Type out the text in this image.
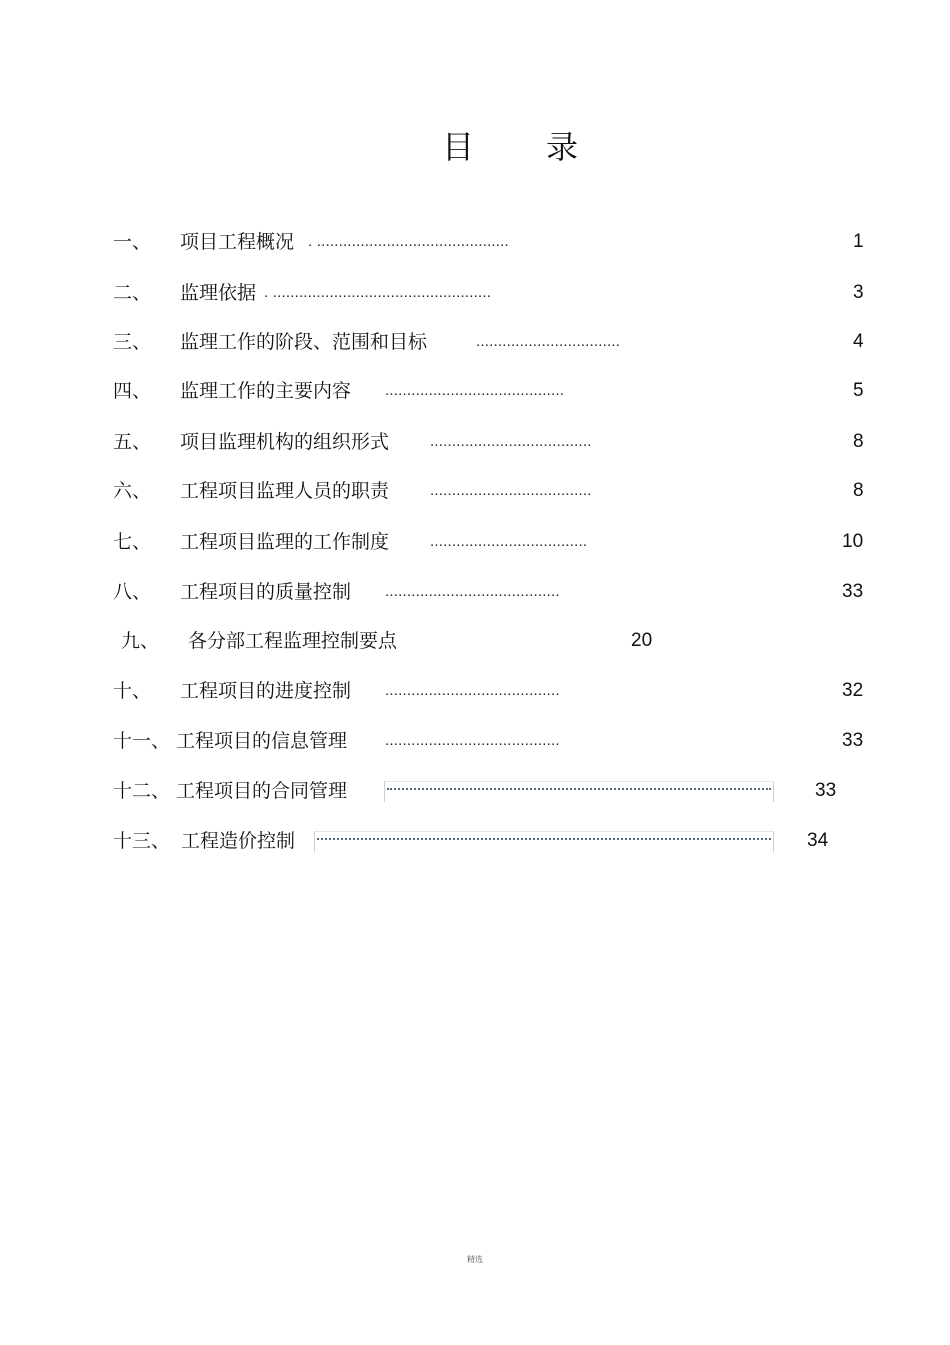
目 录
一、 项目工程概况 . ............................................	1
二、 监理依据 . ..................................................	3
三、 监理工作的阶段、范围和目标	.................................	4
四、 监理工作的主要内容 .........................................	5
五、 项目监理机构的组织形式	.....................................	8
六、 工程项目监理人员的职责	.....................................	8
七、 工程项目监理的工作制度	....................................	10
八、 工程项目的质量控制 ........................................	33
九、 各分部工程监理控制要点	20
十、 工程项目的进度控制 ........................................	32
十一、 工程项目的信息管理	........................................	33
十二、 工程项目的合同管理	33
十三、 工程造价控制	34
精选
